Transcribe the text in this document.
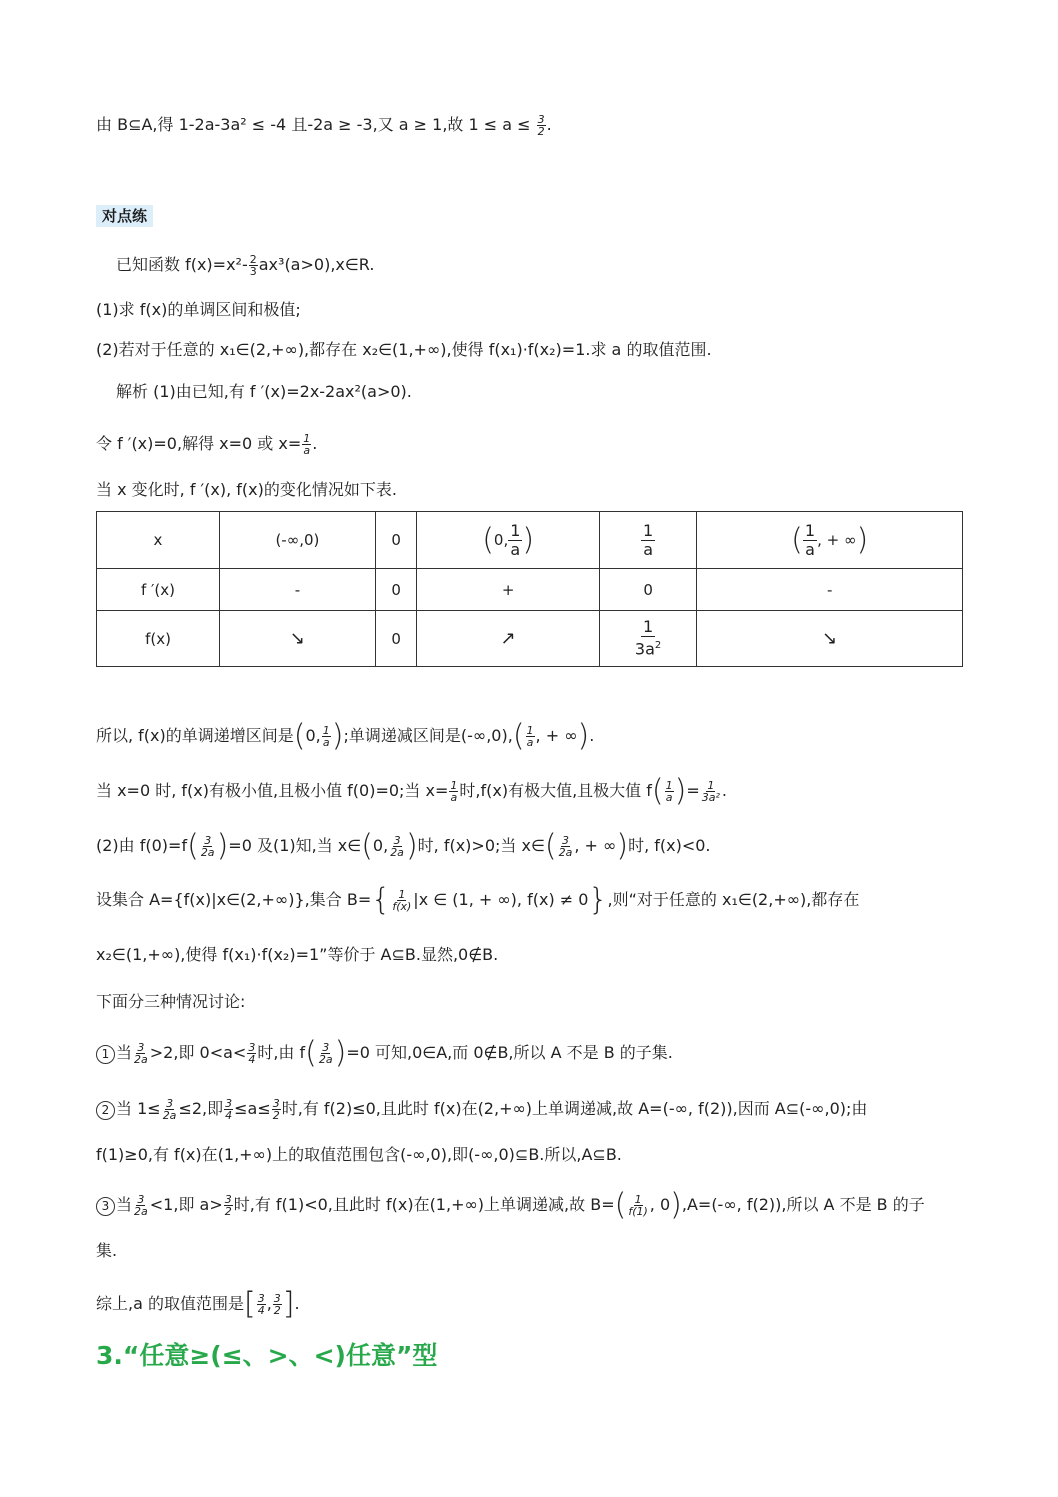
由 B⊆A,得 1-2a-3a² ≤ -4 且-2a ≥ -3,又 a ≥ 1,故 $1 \le a \le \frac{3}{2}$ .
对点练
已知函数 $f(x)=x^2- \frac{2}{3}$ ax³(a>0),x∈R.
(1)求 f(x)的单调区间和极值;
(2)若对于任意的 x₁∈(2,+∞),都存在 x₂∈(1,+∞),使得 f(x₁)·f(x₂)=1.求 a 的取值范围.
解析 (1)由已知,有 f ′(x)=2x-2ax²(a>0).
令 f ′(x)=0,解得 x=0 或 $x= \frac{1}{a}$ .
当 x 变化时, f ′(x), f(x)的变化情况如下表.
x	(-∞,0)	0	(0, $\frac{1}{a}$ )	$\frac{1}{a}$	( $\frac{1}{a}$ , + ∞)
f ′(x)	-	0	+	0	-
f(x)	↘	0	↗	$\frac{1}{3a^2}$	↘
所以, f(x)的单调递增区间是(0, $\frac{1}{a}$ );单调递减区间是$(-\infty,0),( \frac{1}{a}$ , + ∞).
当 x=0 时, f(x)有极小值,且极小值 f(0)=0;当 $x= \frac{1}{a}$ 时,f(x)有极大值,且极大值 $f( \frac{1}{a}$ )= $\frac{1}{\text{3a²}}$ .
(2)由 $f(0)=f( \frac{3}{2a} )=0$ 及(1)知,当 x∈(0, $\frac{3}{2a}$ )时, f(x)>0;当 x∈( $\frac{3}{2a}$ , + ∞)时, f(x)<0.
设集合 A={f(x)|x∈(2,+∞)},集合 $B=\{ \frac{1}{f(x)} |x$ ∈ (1, + ∞), f(x) ≠ 0},则“对于任意的 x₁∈(2,+∞),都存在
x₂∈(1,+∞),使得 f(x₁)·f(x₂)=1”等价于 A⊆B.显然,0∉B.
下面分三种情况讨论:
1 当 $\frac{3}{2a} >2$,即 $0<a< \frac{3}{4}$ 时,由 $f( \frac{3}{2a} )=0$ 可知,0∈A,而 0∉B,所以 A 不是 B 的子集.
2 当 $1\le \frac{3}{2a} \le 2$,即 $\frac{3}{4} \le a\le \frac{3}{2}$ 时,有 f(2)≤0,且此时 f(x)在(2,+∞)上单调递减,故 A=(-∞, f(2)),因而 A⊆(-∞,0);由
f(1)≥0,有 f(x)在(1,+∞)上的取值范围包含(-∞,0),即(-∞,0)⊆B.所以,A⊆B.
3 当 $\frac{3}{2a} <1$,即 $a> \frac{3}{2}$ 时,有 f(1)<0,且此时 f(x)在(1,+∞)上单调递减,故 $B=( \frac{1}{f(1)}$ , 0),A=(-∞, f(2)),所以 A 不是 B 的子
集.
综上,a 的取值范围是[ $\frac{3}{4}$ , $\frac{3}{2}$ ].
3.“任意≥(≤、>、<)任意”型
